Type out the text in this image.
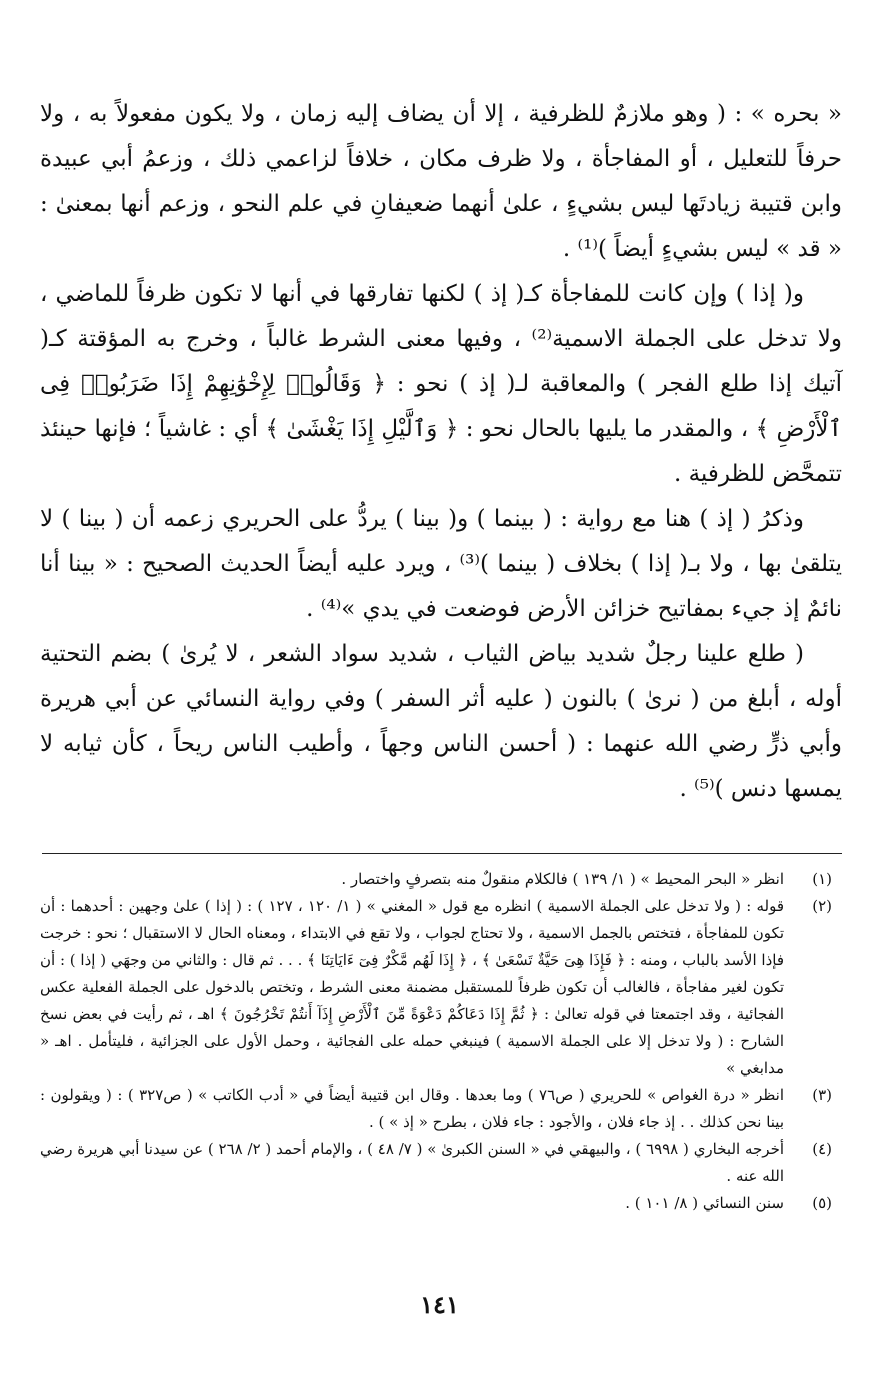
« بحره » : ( وهو ملازمٌ للظرفية ، إلا أن يضاف إليه زمان ، ولا يكون مفعولاً به ، ولا حرفاً للتعليل ، أو المفاجأة ، ولا ظرف مكان ، خلافاً لزاعمي ذلك ، وزعمُ أبي عبيدة وابن قتيبة زيادتَها ليس بشيءٍ ، علىٰ أنهما ضعيفانِ في علم النحو ، وزعم أنها بمعنىٰ : « قد » ليس بشيءٍ أيضاً )⁽¹⁾ .

و( إذا ) وإن كانت للمفاجأة كـ( إذ ) لكنها تفارقها في أنها لا تكون ظرفاً للماضي ، ولا تدخل على الجملة الاسمية⁽²⁾ ، وفيها معنى الشرط غالباً ، وخرج به المؤقتة كـ( آتيك إذا طلع الفجر ) والمعاقبة لـ( إذ ) نحو : ﴿ وَقَالُوا۟ لِإِخْوَٰنِهِمْ إِذَا ضَرَبُوا۟ فِى ٱلْأَرْضِ ﴾ ، والمقدر ما يليها بالحال نحو : ﴿ وَٱلَّيْلِ إِذَا يَغْشَىٰ ﴾ أي : غاشياً ؛ فإنها حينئذ تتمحَّض للظرفية .

وذكرُ ( إذ ) هنا مع رواية : ( بينما ) و( بينا ) يردُّ على الحريري زعمه أن ( بينا ) لا يتلقىٰ بها ، ولا بـ( إذا ) بخلاف ( بينما )⁽³⁾ ، ويرد عليه أيضاً الحديث الصحيح : « بينا أنا نائمٌ إذ جيء بمفاتيح خزائن الأرض فوضعت في يدي »⁽⁴⁾ .

( طلع علينا رجلٌ شديد بياض الثياب ، شديد سواد الشعر ، لا يُرىٰ ) بضم التحتية أوله ، أبلغ من ( نرىٰ ) بالنون ( عليه أثر السفر ) وفي رواية النسائي عن أبي هريرة وأبي ذرٍّ رضي الله عنهما : ( أحسن الناس وجهاً ، وأطيب الناس ريحاً ، كأن ثيابه لا يمسها دنس )⁽⁵⁾ .

(١)
انظر « البحر المحيط » ( ١/ ١٣٩ ) فالكلام منقولٌ منه بتصرفٍ واختصار .
(٢)
قوله : ( ولا تدخل على الجملة الاسمية ) انظره مع قول « المغني » ( ١/ ١٢٠ ، ١٢٧ ) : ( إذا ) علىٰ وجهين : أحدهما : أن تكون للمفاجأة ، فتختص بالجمل الاسمية ، ولا تحتاج لجواب ، ولا تقع في الابتداء ، ومعناه الحال لا الاستقبال ؛ نحو : خرجت فإذا الأسد بالباب ، ومنه : ﴿ فَإِذَا هِىَ حَيَّةٌ تَسْعَىٰ ﴾ ، ﴿ إِذَا لَهُم مَّكْرٌ فِىٓ ءَايَاتِنَا ﴾ . . . ثم قال : والثاني من وجهَي ( إذا ) : أن تكون لغير مفاجأة ، فالغالب أن تكون ظرفاً للمستقبل مضمنة معنى الشرط ، وتختص بالدخول على الجملة الفعلية عكس الفجائية ، وقد اجتمعتا في قوله تعالىٰ : ﴿ ثُمَّ إِذَا دَعَاكُمْ دَعْوَةً مِّنَ ٱلْأَرْضِ إِذَآ أَنتُمْ تَخْرُجُونَ ﴾ اهـ ، ثم رأيت في بعض نسخ الشارح : ( ولا تدخل إلا على الجملة الاسمية ) فينبغي حمله على الفجائية ، وحمل الأول على الجزائية ، فليتأمل . اهـ « مدابغي »
(٣)
انظر « درة الغواص » للحريري ( ص٧٦ ) وما بعدها . وقال ابن قتيبة أيضاً في « أدب الكاتب » ( ص٣٢٧ ) : ( ويقولون : بينا نحن كذلك . . إذ جاء فلان ، والأجود : جاء فلان ، بطرح « إذ » ) .
(٤)
أخرجه البخاري ( ٦٩٩٨ ) ، والبيهقي في « السنن الكبرىٰ » ( ٧/ ٤٨ ) ، والإمام أحمد ( ٢/ ٢٦٨ ) عن سيدنا أبي هريرة رضي الله عنه .
(٥)
سنن النسائي ( ٨/ ١٠١ ) .
١٤١
